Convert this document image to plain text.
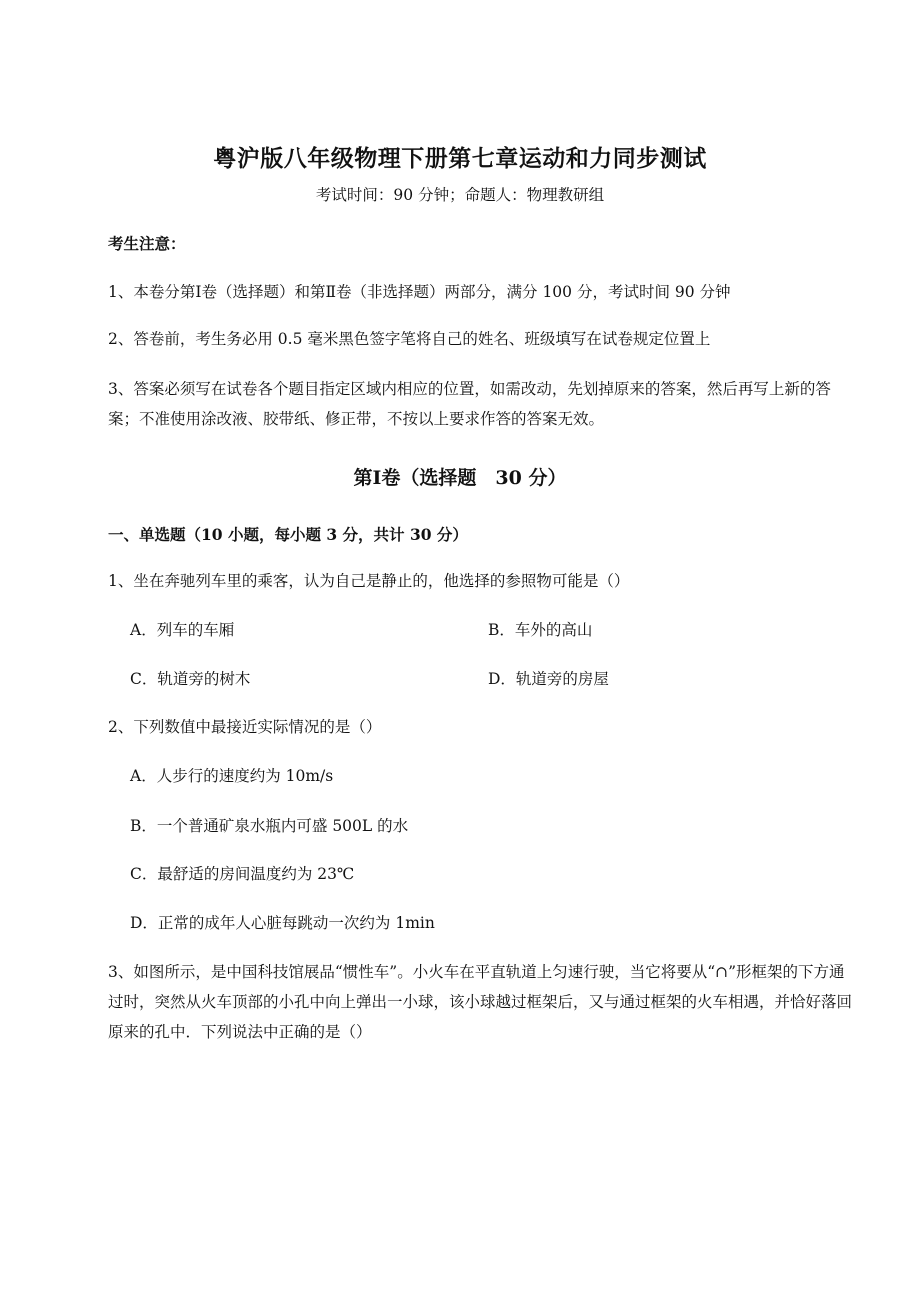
粤沪版八年级物理下册第七章运动和力同步测试
考试时间：90 分钟；命题人：物理教研组
考生注意：
1、本卷分第Ⅰ卷（选择题）和第Ⅱ卷（非选择题）两部分，满分 100 分，考试时间 90 分钟
2、答卷前，考生务必用 0.5 毫米黑色签字笔将自己的姓名、班级填写在试卷规定位置上
3、答案必须写在试卷各个题目指定区域内相应的位置，如需改动，先划掉原来的答案，然后再写上新的答案；不准使用涂改液、胶带纸、修正带，不按以上要求作答的答案无效。
第Ⅰ卷（选择题　30 分）
一、单选题（10 小题，每小题 3 分，共计 30 分）
1、坐在奔驰列车里的乘客，认为自己是静止的，他选择的参照物可能是（）
A．列车的车厢	B．车外的高山
C．轨道旁的树木	D．轨道旁的房屋
2、下列数值中最接近实际情况的是（）
A．人步行的速度约为 10m/s
B．一个普通矿泉水瓶内可盛 500L 的水
C．最舒适的房间温度约为 23℃
D．正常的成年人心脏每跳动一次约为 1min
3、如图所示，是中国科技馆展品“惯性车”。小火车在平直轨道上匀速行驶，当它将要从“∩”形框架的下方通过时，突然从火车顶部的小孔中向上弹出一小球，该小球越过框架后，又与通过框架的火车相遇，并恰好落回原来的孔中．下列说法中正确的是（）
